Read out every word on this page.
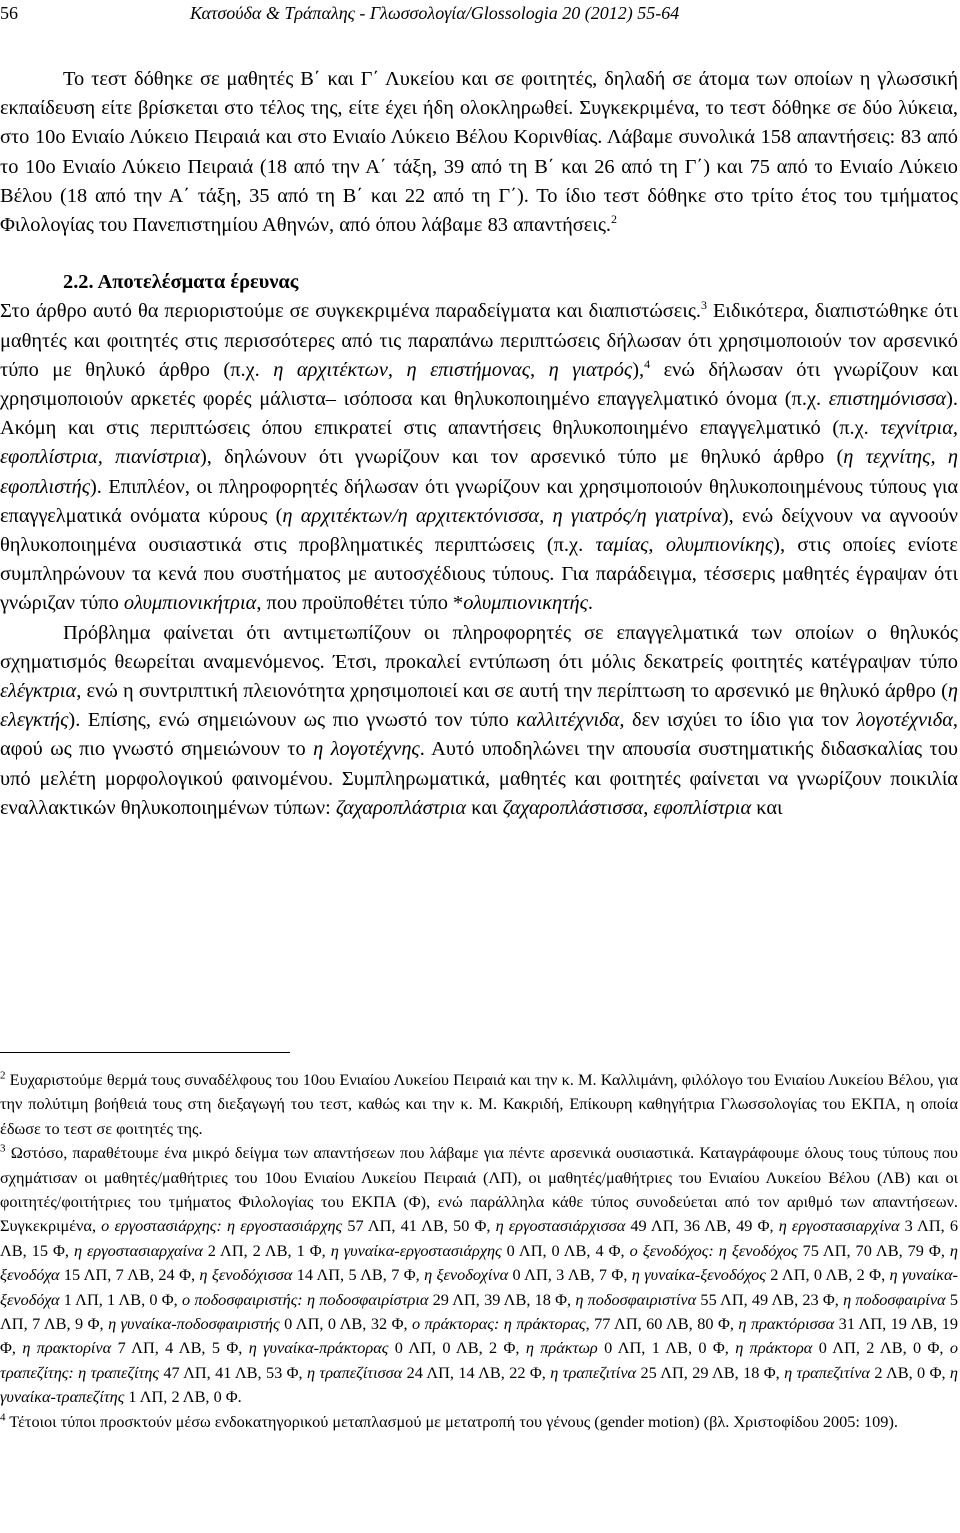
56	Κατσούδα & Τράπαλης - Γλωσσολογία/Glossologia 20 (2012) 55-64

Το τεστ δόθηκε σε μαθητές Β΄ και Γ΄ Λυκείου και σε φοιτητές, δηλαδή σε άτομα των οποίων η γλωσσική εκπαίδευση είτε βρίσκεται στο τέλος της, είτε έχει ήδη ολοκληρωθεί. Συγκεκριμένα, το τεστ δόθηκε σε δύο λύκεια, στο 10ο Ενιαίο Λύκειο Πειραιά και στο Ενιαίο Λύκειο Βέλου Κορινθίας. Λάβαμε συνολικά 158 απαντήσεις: 83 από το 10ο Ενιαίο Λύκειο Πειραιά (18 από την Α΄ τάξη, 39 από τη Β΄ και 26 από τη Γ΄) και 75 από το Ενιαίο Λύκειο Βέλου (18 από την Α΄ τάξη, 35 από τη Β΄ και 22 από τη Γ΄). Το ίδιο τεστ δόθηκε στο τρίτο έτος του τμήματος Φιλολογίας του Πανεπιστημίου Αθηνών, από όπου λάβαμε 83 απαντήσεις.$^2$

2.2. Αποτελέσματα έρευνας

Στο άρθρο αυτό θα περιοριστούμε σε συγκεκριμένα παραδείγματα και διαπιστώσεις.$^3$ Ειδικότερα, διαπιστώθηκε ότι μαθητές και φοιτητές στις περισσότερες από τις παραπάνω περιπτώσεις δήλωσαν ότι χρησιμοποιούν τον αρσενικό τύπο με θηλυκό άρθρο (π.χ. η αρχιτέκτων, η επιστήμονας, η γιατρός),$^4$ ενώ δήλωσαν ότι γνωρίζουν και χρησιμοποιούν αρκετές φορές μάλιστα– ισόποσα και θηλυκοποιημένο επαγγελματικό όνομα (π.χ. επιστημόνισσα). Ακόμη και στις περιπτώσεις όπου επικρατεί στις απαντήσεις θηλυκοποιημένο επαγγελματικό (π.χ. τεχνίτρια, εφοπλίστρια, πιανίστρια), δηλώνουν ότι γνωρίζουν και τον αρσενικό τύπο με θηλυκό άρθρο (η τεχνίτης, η εφοπλιστής). Επιπλέον, οι πληροφορητές δήλωσαν ότι γνωρίζουν και χρησιμοποιούν θηλυκοποιημένους τύπους για επαγγελματικά ονόματα κύρους (η αρχιτέκτων/η αρχιτεκτόνισσα, η γιατρός/η γιατρίνα), ενώ δείχνουν να αγνοούν θηλυκοποιημένα ουσιαστικά στις προβληματικές περιπτώσεις (π.χ. ταμίας, ολυμπιονίκης), στις οποίες ενίοτε συμπληρώνουν τα κενά που συστήματος με αυτοσχέδιους τύπους. Για παράδειγμα, τέσσερις μαθητές έγραψαν ότι γνώριζαν τύπο ολυμπιονικήτρια, που προϋποθέτει τύπο *ολυμπιονικητής.

Πρόβλημα φαίνεται ότι αντιμετωπίζουν οι πληροφορητές σε επαγγελματικά των οποίων ο θηλυκός σχηματισμός θεωρείται αναμενόμενος. Έτσι, προκαλεί εντύπωση ότι μόλις δεκατρείς φοιτητές κατέγραψαν τύπο ελέγκτρια, ενώ η συντριπτική πλειονότητα χρησιμοποιεί και σε αυτή την περίπτωση το αρσενικό με θηλυκό άρθρο (η ελεγκτής). Επίσης, ενώ σημειώνουν ως πιο γνωστό τον τύπο καλλιτέχνιδα, δεν ισχύει το ίδιο για τον λογοτέχνιδα, αφού ως πιο γνωστό σημειώνουν το η λογοτέχνης. Αυτό υποδηλώνει την απουσία συστηματικής διδασκαλίας του υπό μελέτη μορφολογικού φαινομένου. Συμπληρωματικά, μαθητές και φοιτητές φαίνεται να γνωρίζουν ποικιλία εναλλακτικών θηλυκοποιημένων τύπων: ζαχαροπλάστρια και ζαχαροπλάστισσα, εφοπλίστρια και

$^2$ Ευχαριστούμε θερμά τους συναδέλφους του 10ου Ενιαίου Λυκείου Πειραιά και την κ. Μ. Καλλιμάνη, φιλόλογο του Ενιαίου Λυκείου Βέλου, για την πολύτιμη βοήθειά τους στη διεξαγωγή του τεστ, καθώς και την κ. Μ. Κακριδή, Επίκουρη καθηγήτρια Γλωσσολογίας του ΕΚΠΑ, η οποία έδωσε το τεστ σε φοιτητές της.

$^3$ Ωστόσο, παραθέτουμε ένα μικρό δείγμα των απαντήσεων που λάβαμε για πέντε αρσενικά ουσιαστικά. Καταγράφουμε όλους τους τύπους που σχημάτισαν οι μαθητές/μαθήτριες του 10ου Ενιαίου Λυκείου Πειραιά (ΛΠ), οι μαθητές/μαθήτριες του Ενιαίου Λυκείου Βέλου (ΛΒ) και οι φοιτητές/φοιτήτριες του τμήματος Φιλολογίας του ΕΚΠΑ (Φ), ενώ παράλληλα κάθε τύπος συνοδεύεται από τον αριθμό των απαντήσεων. Συγκεκριμένα, ο εργοστασιάρχης: η εργοστασιάρχης 57 ΛΠ, 41 ΛΒ, 50 Φ, η εργοστασιάρχισσα 49 ΛΠ, 36 ΛΒ, 49 Φ, η εργοστασιαρχίνα 3 ΛΠ, 6 ΛΒ, 15 Φ, η εργοστασιαρχαίνα 2 ΛΠ, 2 ΛΒ, 1 Φ, η γυναίκα-εργοστασιάρχης 0 ΛΠ, 0 ΛΒ, 4 Φ, ο ξενοδόχος: η ξενοδόχος 75 ΛΠ, 70 ΛΒ, 79 Φ, η ξενοδόχα 15 ΛΠ, 7 ΛΒ, 24 Φ, η ξενοδόχισσα 14 ΛΠ, 5 ΛΒ, 7 Φ, η ξενοδοχίνα 0 ΛΠ, 3 ΛΒ, 7 Φ, η γυναίκα-ξενοδόχος 2 ΛΠ, 0 ΛΒ, 2 Φ, η γυναίκα-ξενοδόχα 1 ΛΠ, 1 ΛΒ, 0 Φ, ο ποδοσφαιριστής: η ποδοσφαιρίστρια 29 ΛΠ, 39 ΛΒ, 18 Φ, η ποδοσφαιριστίνα 55 ΛΠ, 49 ΛΒ, 23 Φ, η ποδοσφαιρίνα 5 ΛΠ, 7 ΛΒ, 9 Φ, η γυναίκα-ποδοσφαιριστής 0 ΛΠ, 0 ΛΒ, 32 Φ, ο πράκτορας: η πράκτορας, 77 ΛΠ, 60 ΛΒ, 80 Φ, η πρακτόρισσα 31 ΛΠ, 19 ΛΒ, 19 Φ, η πρακτορίνα 7 ΛΠ, 4 ΛΒ, 5 Φ, η γυναίκα-πράκτορας 0 ΛΠ, 0 ΛΒ, 2 Φ, η πράκτωρ 0 ΛΠ, 1 ΛΒ, 0 Φ, η πράκτορα 0 ΛΠ, 2 ΛΒ, 0 Φ, ο τραπεζίτης: η τραπεζίτης 47 ΛΠ, 41 ΛΒ, 53 Φ, η τραπεζίτισσα 24 ΛΠ, 14 ΛΒ, 22 Φ, η τραπεζιτίνα 25 ΛΠ, 29 ΛΒ, 18 Φ, η τραπεζιτίνα 2 ΛΒ, 0 Φ, η γυναίκα-τραπεζίτης 1 ΛΠ, 2 ΛΒ, 0 Φ.

$^4$ Τέτοιοι τύποι προσκτούν μέσω ενδοκατηγορικού μεταπλασμού με μετατροπή του γένους (gender motion) (βλ. Χριστοφίδου 2005: 109).
